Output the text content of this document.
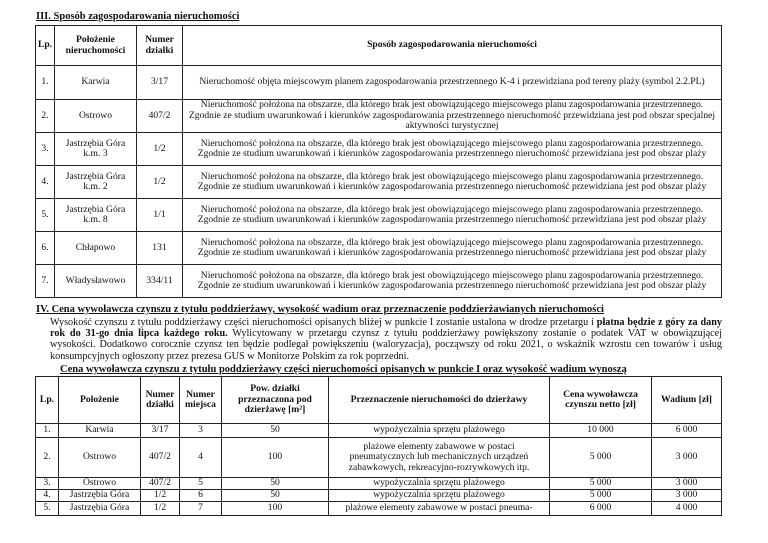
III. Sposób zagospodarowania nieruchomości
Lp.	Położenie nieruchomości	Numer działki	Sposób zagospodarowania nieruchomości
1.	Karwia	3/17	Nieruchomość objęta miejscowym planem zagospodarowania przestrzennego K-4 i przewidziana pod tereny plaży (symbol 2.2.PL)
2.	Ostrowo	407/2	Nieruchomość położona na obszarze, dla którego brak jest obowiązującego miejscowego planu zagospodarowania przestrzennego. Zgodnie ze studium uwarunkowań i kierunków zagospodarowania przestrzennego nieruchomość przewidziana jest pod obszar specjalnej aktywności turystycznej
3.	Jastrzębia Góra k.m. 3	1/2	Nieruchomość położona na obszarze, dla którego brak jest obowiązującego miejscowego planu zagospodarowania przestrzennego. Zgodnie ze studium uwarunkowań i kierunków zagospodarowania przestrzennego nieruchomość przewidziana jest pod obszar plaży
4.	Jastrzębia Góra k.m. 2	1/2	Nieruchomość położona na obszarze, dla którego brak jest obowiązującego miejscowego planu zagospodarowania przestrzennego. Zgodnie ze studium uwarunkowań i kierunków zagospodarowania przestrzennego nieruchomość przewidziana jest pod obszar plaży
5.	Jastrzębia Góra k.m. 8	1/1	Nieruchomość położona na obszarze, dla którego brak jest obowiązującego miejscowego planu zagospodarowania przestrzennego. Zgodnie ze studium uwarunkowań i kierunków zagospodarowania przestrzennego nieruchomość przewidziana jest pod obszar plaży
6.	Chłapowo	131	Nieruchomość położona na obszarze, dla którego brak jest obowiązującego miejscowego planu zagospodarowania przestrzennego. Zgodnie ze studium uwarunkowań i kierunków zagospodarowania przestrzennego nieruchomość przewidziana jest pod obszar plaży
7.	Władysławowo	334/11	Nieruchomość położona na obszarze, dla którego brak jest obowiązującego miejscowego planu zagospodarowania przestrzennego. Zgodnie ze studium uwarunkowań i kierunków zagospodarowania przestrzennego nieruchomość przewidziana jest pod obszar plaży
IV. Cena wywoławcza czynszu z tytułu poddzierżawy, wysokość wadium oraz przeznaczenie poddzierżawianych nieruchomości
Wysokość czynszu z tytułu poddzierżawy części nieruchomości opisanych bliżej w punkcie I zostanie ustalona w drodze przetargu i płatna będzie z góry za dany rok do 31-go dnia lipca każdego roku. Wylicytowany w przetargu czynsz z tytułu poddzierżawy powiększony zostanie o podatek VAT w obowiązującej wysokości. Dodatkowo corocznie czynsz ten będzie podlegał powiększeniu (waloryzacja), począwszy od roku 2021, o wskaźnik wzrostu cen towarów i usług konsumpcyjnych ogłoszony przez prezesa GUS w Monitorze Polskim za rok poprzedni.
Cena wywoławcza czynszu z tytułu poddzierżawy części nieruchomości opisanych w punkcie I oraz wysokość wadium wynoszą
Lp.	Położenie	Numer działki	Numer miejsca	Pow. działki przeznaczona pod dzierżawę [m²]	Przeznaczenie nieruchomości do dzierżawy	Cena wywoławcza czynszu netto [zł]	Wadium [zł]
1.	Karwia	3/17	3	50	wypożyczalnia sprzętu plażowego	10 000	6 000
2.	Ostrowo	407/2	4	100	plażowe elementy zabawowe w postaci pneumatycznych lub mechanicznych urządzeń zabawkowych, rekreacyjno-rozrywkowych itp.	5 000	3 000
3.	Ostrowo	407/2	5	50	wypożyczalnia sprzętu plażowego	5 000	3 000
4.	Jastrzębia Góra	1/2	6	50	wypożyczalnia sprzętu plażowego	5 000	3 000
5.	Jastrzębia Góra	1/2	7	100	plażowe elementy zabawowe w postaci pneuma-	6 000	4 000
